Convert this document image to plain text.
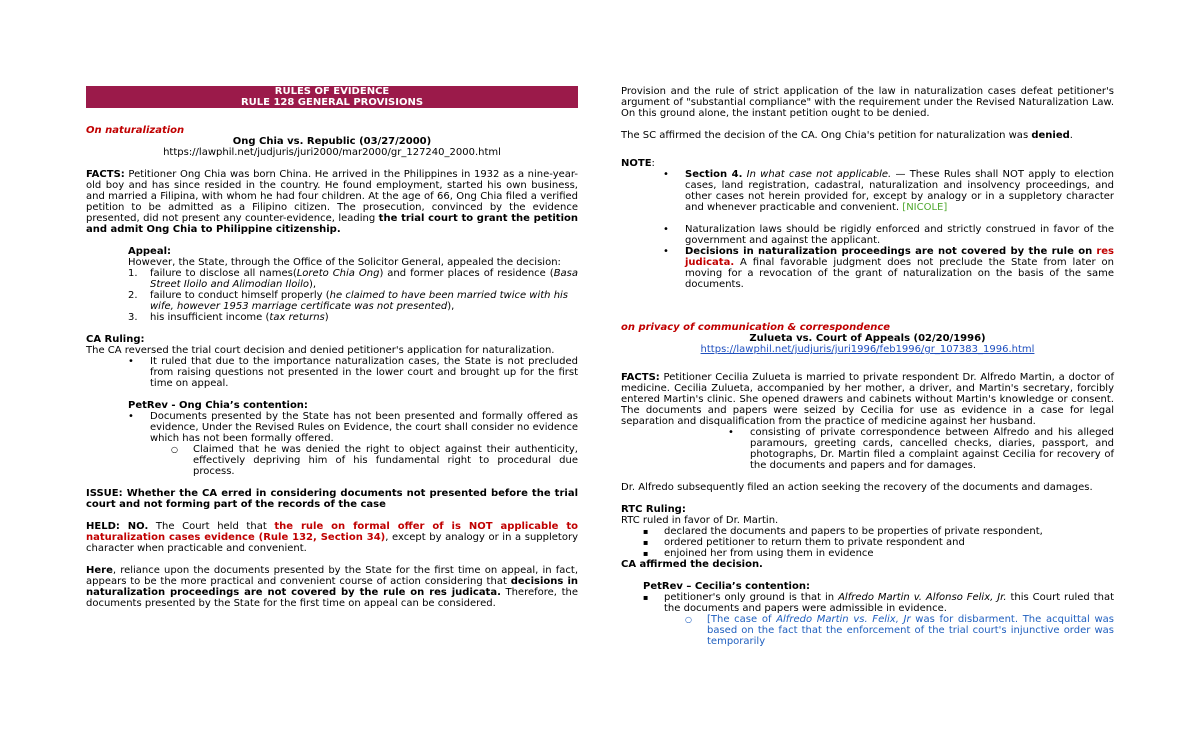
RULES OF EVIDENCE
RULE 128 GENERAL PROVISIONS

On naturalization

Ong Chia vs. Republic (03/27/2000)

https://lawphil.net/judjuris/juri2000/mar2000/gr_127240_2000.html

FACTS: Petitioner Ong Chia was born China. He arrived in the Philippines in 1932 as a nine-year-old boy and has since resided in the country. He found employment, started his own business, and married a Filipina, with whom he had four children. At the age of 66, Ong Chia filed a verified petition to be admitted as a Filipino citizen. The prosecution, convinced by the evidence presented, did not present any counter-evidence, leading the trial court to grant the petition and admit Ong Chia to Philippine citizenship.

Appeal:

However, the State, through the Office of the Solicitor General, appealed the decision:

1. failure to disclose all names(Loreto Chia Ong) and former places of residence (Basa Street Iloilo and Alimodian Iloilo),

2. failure to conduct himself properly (he claimed to have been married twice with his wife, however 1953 marriage certificate was not presented),

3. his insufficient income (tax returns)

CA Ruling:

The CA reversed the trial court decision and denied petitioner's application for naturalization.

• It ruled that due to the importance naturalization cases, the State is not precluded from raising questions not presented in the lower court and brought up for the first time on appeal.

PetRev - Ong Chia’s contention:

• Documents presented by the State has not been presented and formally offered as evidence, Under the Revised Rules on Evidence, the court shall consider no evidence which has not been formally offered.

○ Claimed that he was denied the right to object against their authenticity, effectively depriving him of his fundamental right to procedural due process.

ISSUE: Whether the CA erred in considering documents not presented before the trial court and not forming part of the records of the case

HELD: NO. The Court held that the rule on formal offer of is NOT applicable to naturalization cases evidence (Rule 132, Section 34), except by analogy or in a suppletory character when practicable and convenient.

Here, reliance upon the documents presented by the State for the first time on appeal, in fact, appears to be the more practical and convenient course of action considering that decisions in naturalization proceedings are not covered by the rule on res judicata. Therefore, the documents presented by the State for the first time on appeal can be considered.

Provision and the rule of strict application of the law in naturalization cases defeat petitioner's argument of "substantial compliance" with the requirement under the Revised Naturalization Law. On this ground alone, the instant petition ought to be denied.

The SC affirmed the decision of the CA. Ong Chia's petition for naturalization was denied.

NOTE:

• Section 4. In what case not applicable. — These Rules shall NOT apply to election cases, land registration, cadastral, naturalization and insolvency proceedings, and other cases not herein provided for, except by analogy or in a suppletory character and whenever practicable and convenient. [NICOLE]

• Naturalization laws should be rigidly enforced and strictly construed in favor of the government and against the applicant.

• Decisions in naturalization proceedings are not covered by the rule on res judicata. A final favorable judgment does not preclude the State from later on moving for a revocation of the grant of naturalization on the basis of the same documents.

on privacy of communication & correspondence

Zulueta vs. Court of Appeals (02/20/1996)

https://lawphil.net/judjuris/juri1996/feb1996/gr_107383_1996.html

FACTS: Petitioner Cecilia Zulueta is married to private respondent Dr. Alfredo Martin, a doctor of medicine. Cecilia Zulueta, accompanied by her mother, a driver, and Martin's secretary, forcibly entered Martin's clinic. She opened drawers and cabinets without Martin's knowledge or consent. The documents and papers were seized by Cecilia for use as evidence in a case for legal separation and disqualification from the practice of medicine against her husband.

• consisting of private correspondence between Alfredo and his alleged paramours, greeting cards, cancelled checks, diaries, passport, and photographs, Dr. Martin filed a complaint against Cecilia for recovery of the documents and papers and for damages.

Dr. Alfredo subsequently filed an action seeking the recovery of the documents and damages.

RTC Ruling:

RTC ruled in favor of Dr. Martin.

▪ declared the documents and papers to be properties of private respondent,

▪ ordered petitioner to return them to private respondent and

▪ enjoined her from using them in evidence

CA affirmed the decision.

PetRev – Cecilia’s contention:

▪ petitioner's only ground is that in Alfredo Martin v. Alfonso Felix, Jr. this Court ruled that the documents and papers were admissible in evidence.

○ [The case of Alfredo Martin vs. Felix, Jr was for disbarment. The acquittal was based on the fact that the enforcement of the trial court's injunctive order was temporarily
